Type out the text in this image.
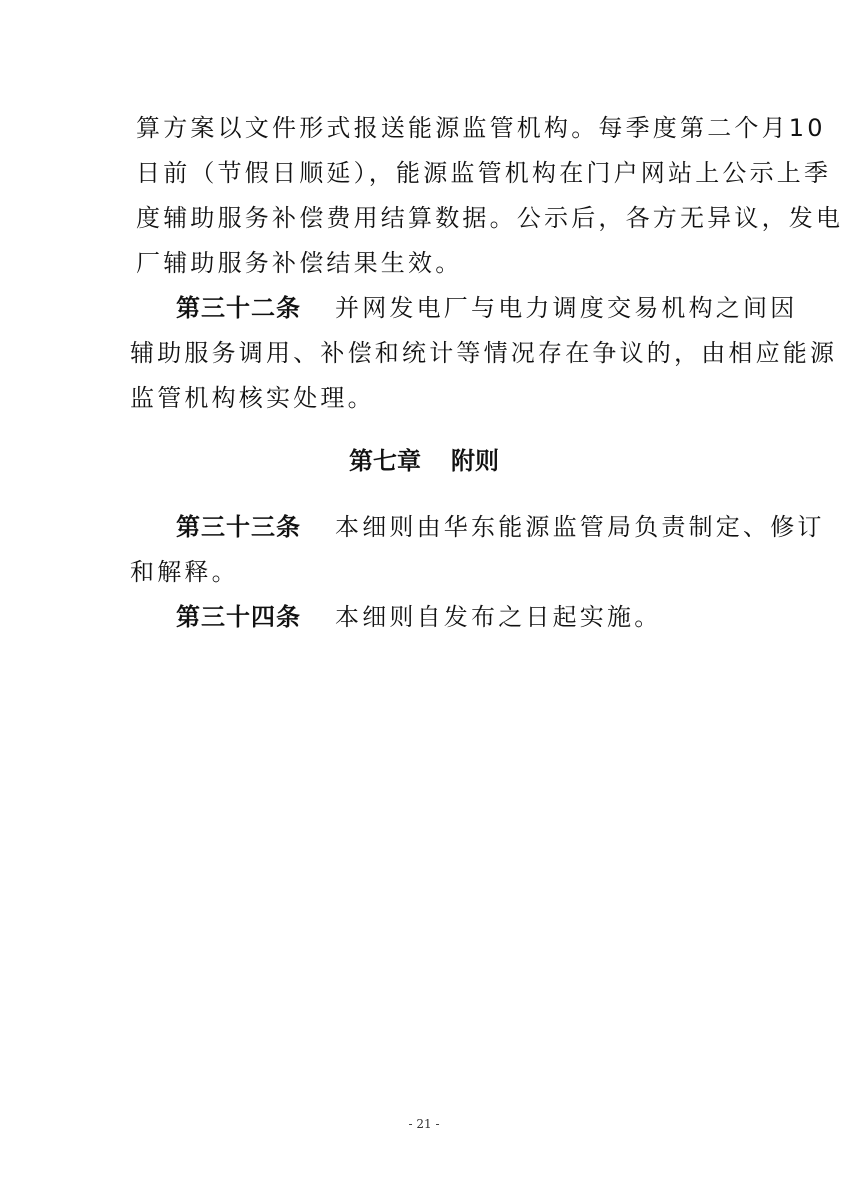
算方案以文件形式报送能源监管机构。每季度第二个月10
日前（节假日顺延），能源监管机构在门户网站上公示上季
度辅助服务补偿费用结算数据。公示后，各方无异议，发电
厂辅助服务补偿结果生效。
第三十二条 并网发电厂与电力调度交易机构之间因
辅助服务调用、补偿和统计等情况存在争议的，由相应能源
监管机构核实处理。
第七章 附则
第三十三条 本细则由华东能源监管局负责制定、修订
和解释。
第三十四条 本细则自发布之日起实施。
- 21 -
